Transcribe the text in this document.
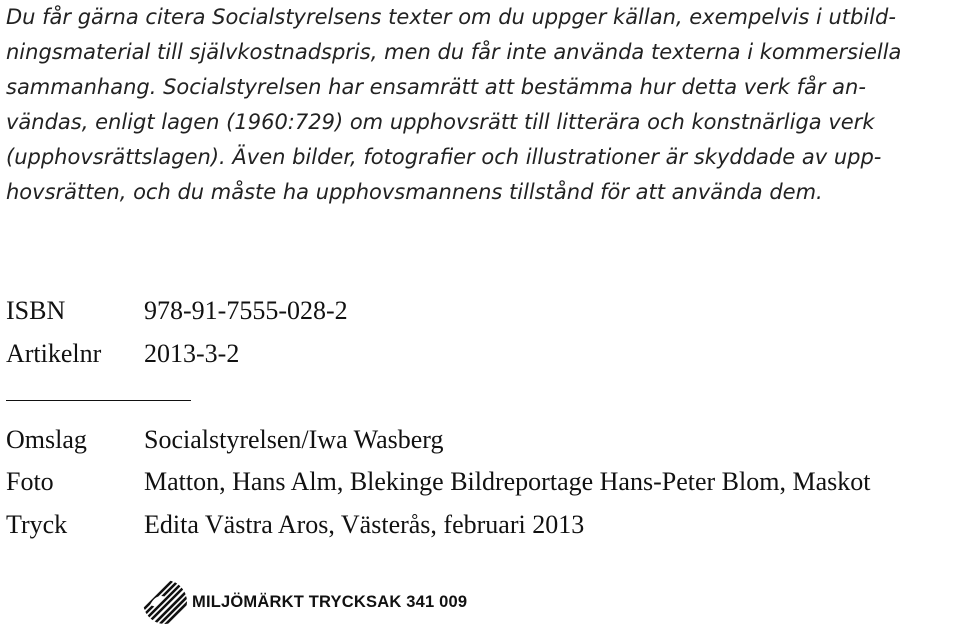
Du får gärna citera Socialstyrelsens texter om du uppger källan, exempelvis i utbild-
ningsmaterial till självkostnadspris, men du får inte använda texterna i kommersiella
sammanhang. Socialstyrelsen har ensamrätt att bestämma hur detta verk får an-
vändas, enligt lagen (1960:729) om upphovsrätt till litterära och konstnärliga verk
(upphovsrättslagen). Även bilder, fotografier och illustrationer är skyddade av upp-
hovsrätten, och du måste ha upphovsmannens tillstånd för att använda dem.
ISBN	978-91-7555-028-2
Artikelnr 2013-3-2
Omslag Socialstyrelsen/Iwa Wasberg
Foto	Matton, Hans Alm, Blekinge Bildreportage Hans-Peter Blom, Maskot
Tryck	Edita Västra Aros, Västerås, februari 2013
MILJÖMÄRKT TRYCKSAK 341 009
